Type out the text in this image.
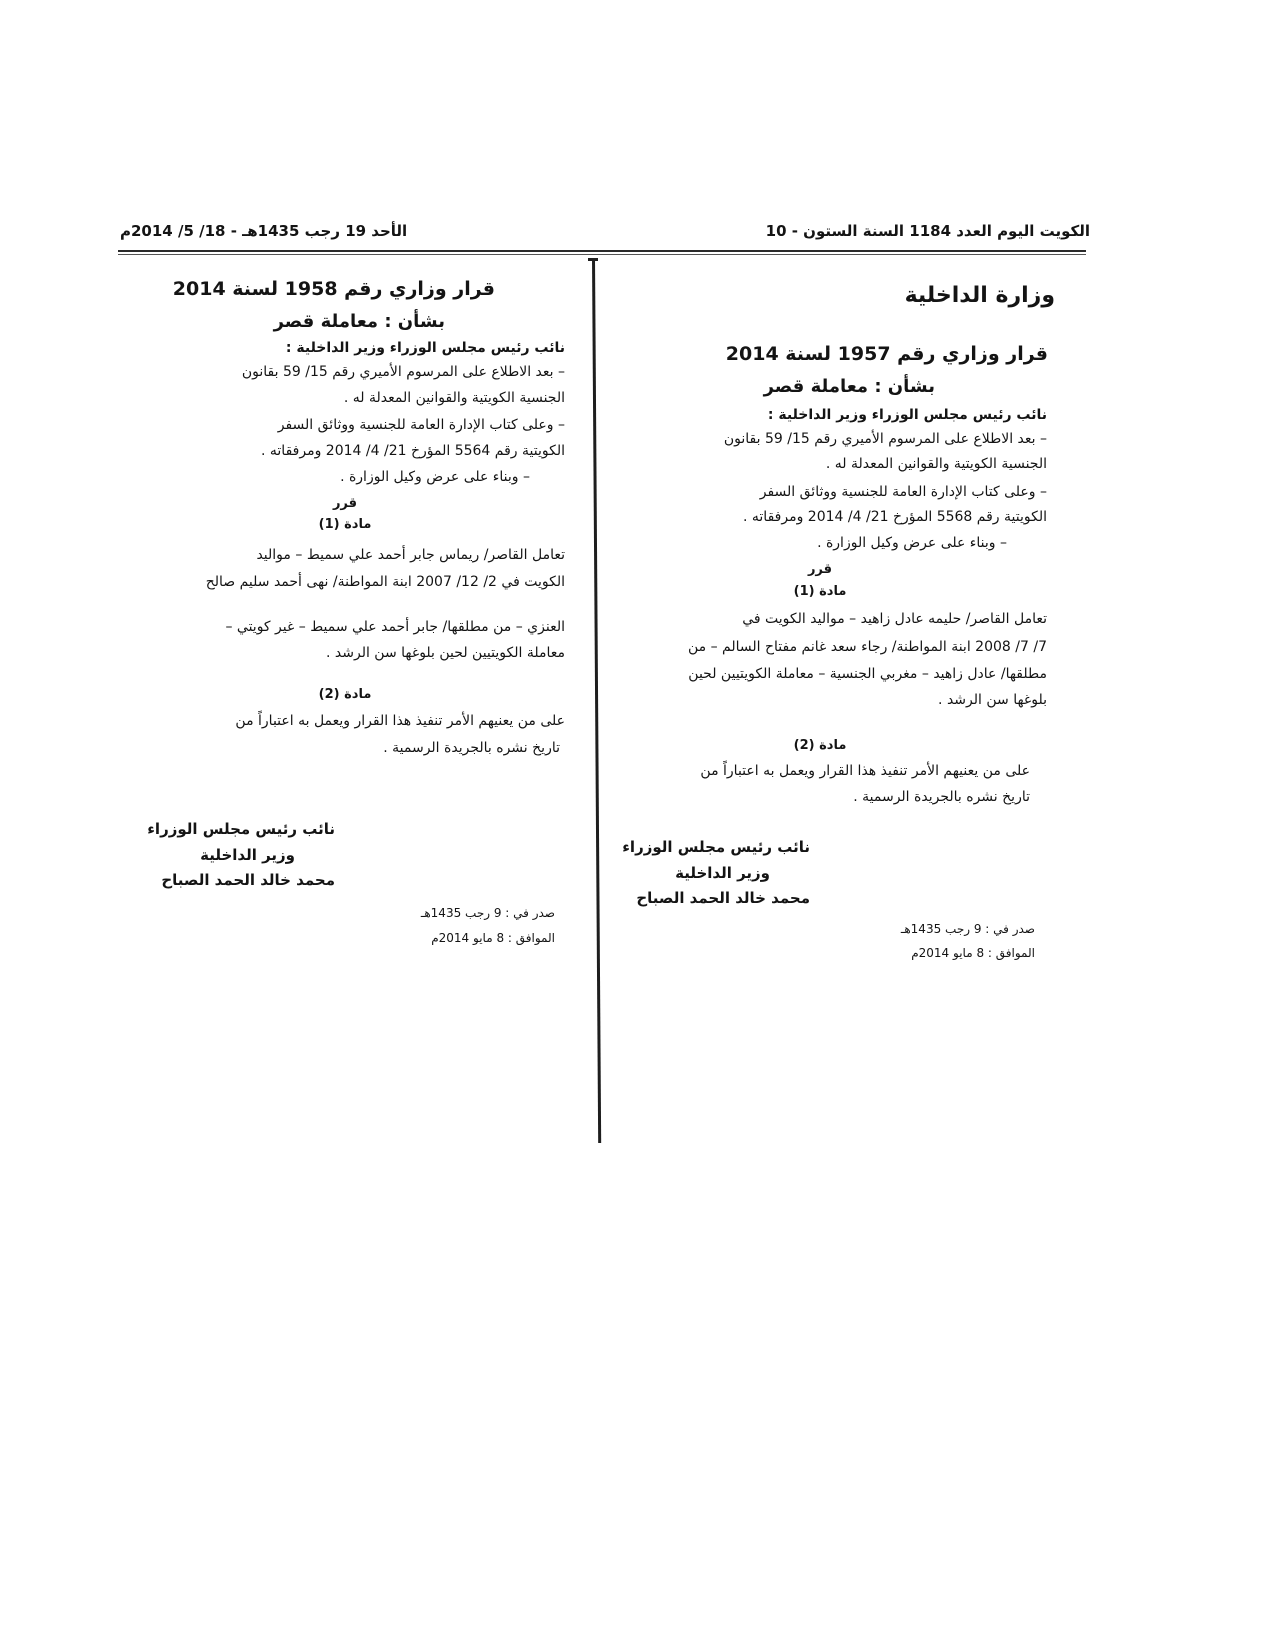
الكويت اليوم العدد 1184 السنة الستون - 10
الأحد 19 رجب 1435هـ - 18/ 5/ 2014م
وزارة الداخلية
قرار وزاري رقم 1957 لسنة 2014
بشأن : معاملة قصر
نائب رئيس مجلس الوزراء وزير الداخلية :
– بعد الاطلاع على المرسوم الأميري رقم 15/ 59 بقانون
الجنسية الكويتية والقوانين المعدلة له .
– وعلى كتاب الإدارة العامة للجنسية ووثائق السفر
الكويتية رقم 5568 المؤرخ 21/ 4/ 2014 ومرفقاته .
– وبناء على عرض وكيل الوزارة .
قرر
مادة (1)
تعامل القاصر/ حليمه عادل زاهيد – مواليد الكويت في
7/ 7/ 2008 ابنة المواطنة/ رجاء سعد غانم مفتاح السالم – من
مطلقها/ عادل زاهيد – مغربي الجنسية – معاملة الكويتيين لحين
بلوغها سن الرشد .
مادة (2)
على من يعنيهم الأمر تنفيذ هذا القرار ويعمل به اعتباراً من
تاريخ نشره بالجريدة الرسمية .
نائب رئيس مجلس الوزراء
وزير الداخلية
محمد خالد الحمد الصباح
صدر في : 9 رجب 1435هـ
الموافق : 8 مايو 2014م
قرار وزاري رقم 1958 لسنة 2014
بشأن : معاملة قصر
نائب رئيس مجلس الوزراء وزير الداخلية :
– بعد الاطلاع على المرسوم الأميري رقم 15/ 59 بقانون
الجنسية الكويتية والقوانين المعدلة له .
– وعلى كتاب الإدارة العامة للجنسية ووثائق السفر
الكويتية رقم 5564 المؤرخ 21/ 4/ 2014 ومرفقاته .
– وبناء على عرض وكيل الوزارة .
قرر
مادة (1)
تعامل القاصر/ ريماس جابر أحمد علي سميط – مواليد
الكويت في 2/ 12/ 2007 ابنة المواطنة/ نهى أحمد سليم صالح
العنزي – من مطلقها/ جابر أحمد علي سميط – غير كويتي –
معاملة الكويتيين لحين بلوغها سن الرشد .
مادة (2)
على من يعنيهم الأمر تنفيذ هذا القرار ويعمل به اعتباراً من
تاريخ نشره بالجريدة الرسمية .
نائب رئيس مجلس الوزراء
وزير الداخلية
محمد خالد الحمد الصباح
صدر في : 9 رجب 1435هـ
الموافق : 8 مايو 2014م
